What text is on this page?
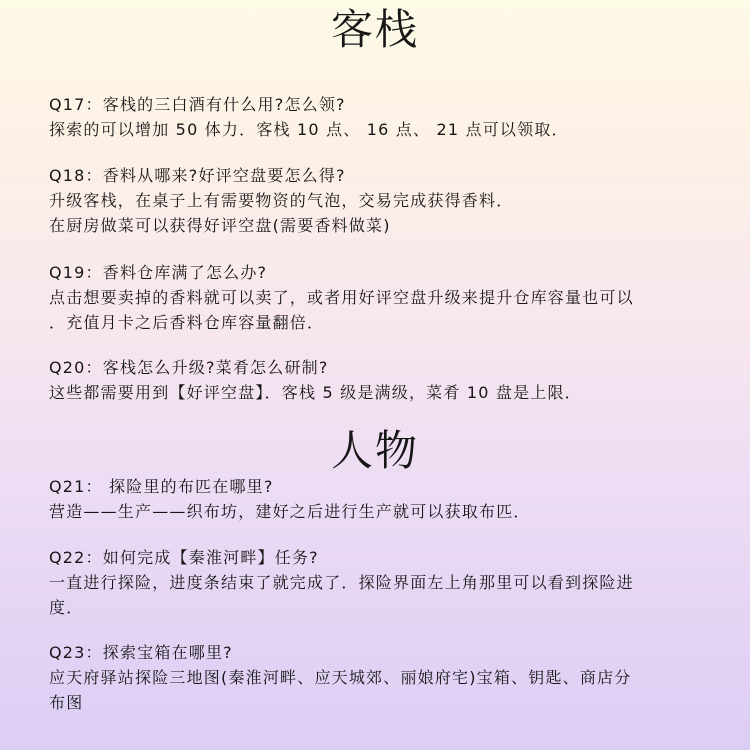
客栈

Q17：客栈的三白酒有什么用?怎么领?

探索的可以增加 50 体力．客栈 10 点、 16 点、 21 点可以领取．

Q18：香料从哪来?好评空盘要怎么得?

升级客栈，在桌子上有需要物资的气泡，交易完成获得香料．

在厨房做菜可以获得好评空盘(需要香料做菜)

Q19：香料仓库满了怎么办?

点击想要卖掉的香料就可以卖了，或者用好评空盘升级来提升仓库容量也可以

．充值月卡之后香料仓库容量翻倍．

Q20：客栈怎么升级?菜肴怎么研制?

这些都需要用到【好评空盘】．客栈 5 级是满级，菜肴 10 盘是上限．

人物

Q21： 探险里的布匹在哪里?

营造——生产——织布坊，建好之后进行生产就可以获取布匹．

Q22：如何完成【秦淮河畔】任务?

一直进行探险，进度条结束了就完成了．探险界面左上角那里可以看到探险进

度．

Q23：探索宝箱在哪里?

应天府驿站探险三地图(秦淮河畔、应天城郊、丽娘府宅)宝箱、钥匙、商店分

布图
